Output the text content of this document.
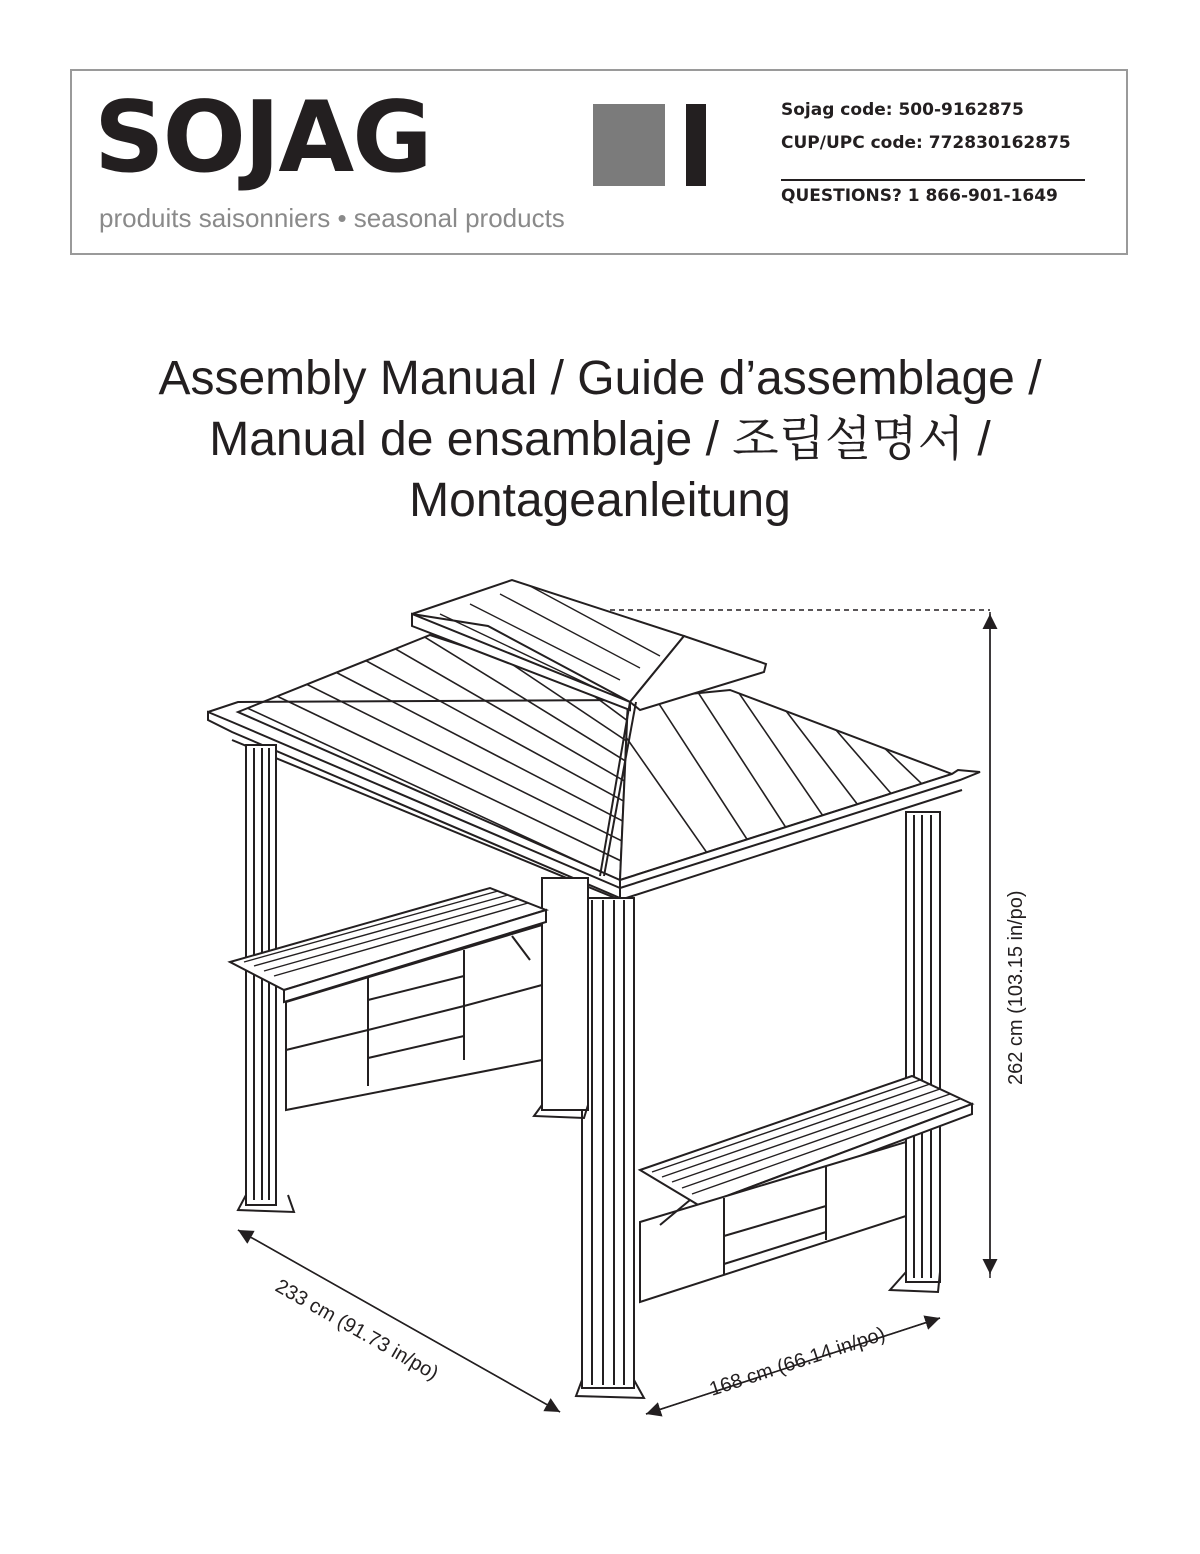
SOJAG
produits saisonniers • seasonal products
Sojag code: 500-9162875
CUP/UPC code: 772830162875
QUESTIONS? 1 866-901-1649
Assembly Manual / Guide d’assemblage /
Manual de ensamblaje / 조립설명서 /
Montageanleitung
262 cm (103.15 in/po)
233 cm (91.73 in/po)	168 cm (66.14 in/po)
